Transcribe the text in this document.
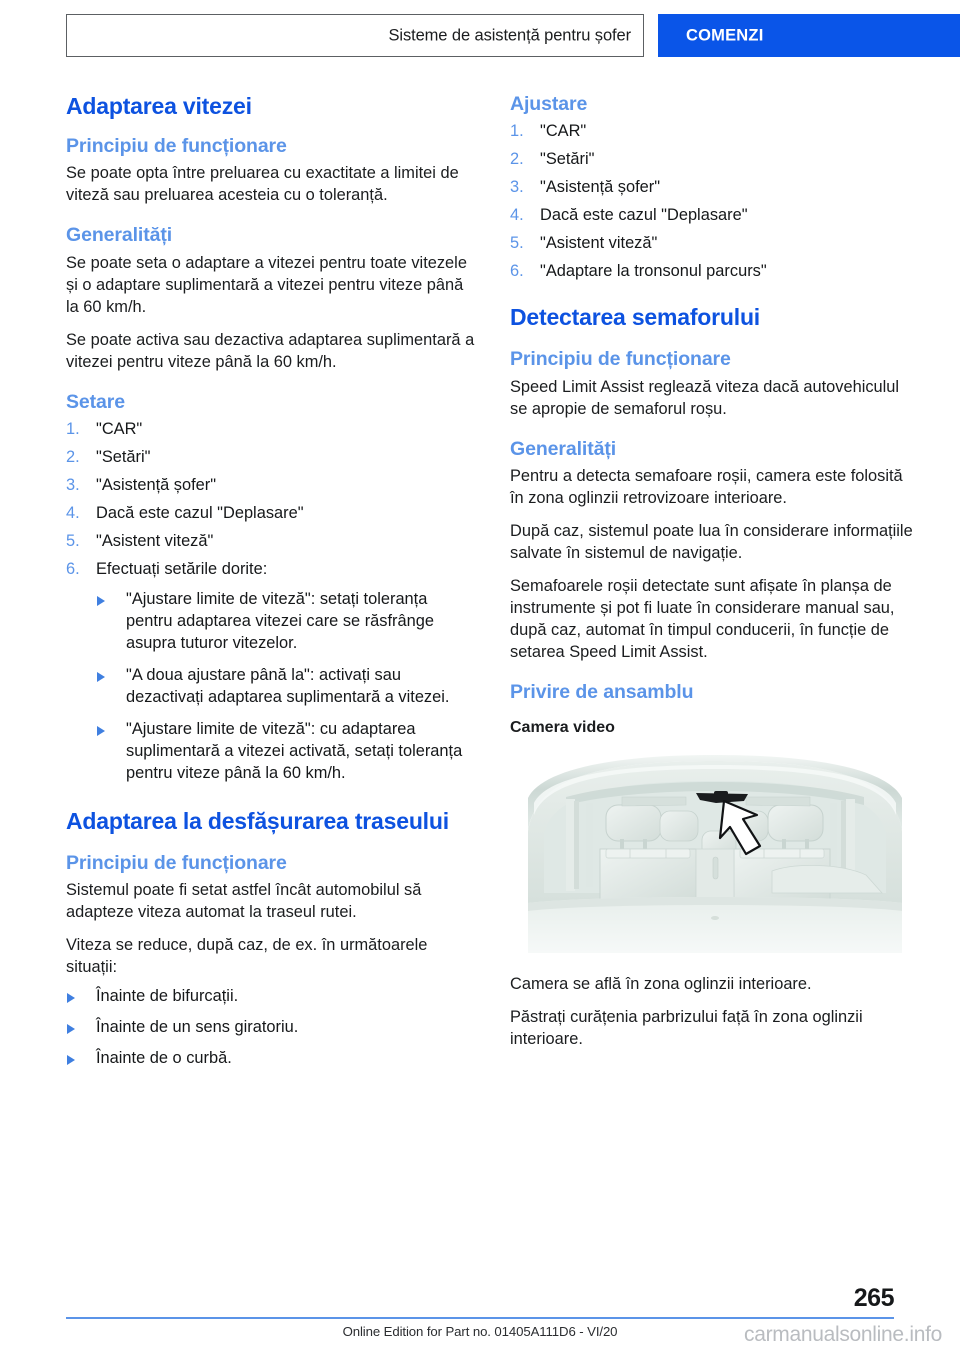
Sisteme de asistență pentru șofer	COMENZI
Adaptarea vitezei
Principiu de funcționare

Se poate opta între preluarea cu exactitate a limitei de viteză sau preluarea acesteia cu o toleranță.

Generalități

Se poate seta o adaptare a vitezei pentru toate vitezele și o adaptare suplimentară a vitezei pentru viteze până la 60 km/h.

Se poate activa sau dezactiva adaptarea suplimentară a vitezei pentru viteze până la 60 km/h.

Setare
"CAR"
"Setări"
"Asistență șofer"
Dacă este cazul "Deplasare"
"Asistent viteză"
Efectuați setările dorite:
"Ajustare limite de viteză": setați toleranța pentru adaptarea vitezei care se răsfrânge asupra tuturor vitezelor.
"A doua ajustare până la": activați sau dezactivați adaptarea suplimentară a vitezei.
"Ajustare limite de viteză": cu adaptarea suplimentară a vitezei activată, setați toleranța pentru viteze până la 60 km/h.
Adaptarea la desfășurarea traseului
Principiu de funcționare

Sistemul poate fi setat astfel încât automobilul să adapteze viteza automat la traseul rutei.

Viteza se reduce, după caz, de ex. în următoarele situații:

Înainte de bifurcații.
Înainte de un sens giratoriu.
Înainte de o curbă.
Ajustare
"CAR"
"Setări"
"Asistență șofer"
Dacă este cazul "Deplasare"
"Asistent viteză"
"Adaptare la tronsonul parcurs"
Detectarea semaforului
Principiu de funcționare

Speed Limit Assist reglează viteza dacă autovehiculul se apropie de semaforul roșu.

Generalități

Pentru a detecta semafoare roșii, camera este folosită în zona oglinzii retrovizoare interioare.

După caz, sistemul poate lua în considerare informațiile salvate în sistemul de navigație.

Semafoarele roșii detectate sunt afișate în planșa de instrumente și pot fi luate în considerare manual sau, după caz, automat în timpul conducerii, în funcție de setarea Speed Limit Assist.

Privire de ansamblu
Camera video

Camera se află în zona oglinzii interioare.

Păstrați curățenia parbrizului față în zona oglinzii interioare.

265
Online Edition for Part no. 01405A111D6 - VI/20	carmanualsonline.info
